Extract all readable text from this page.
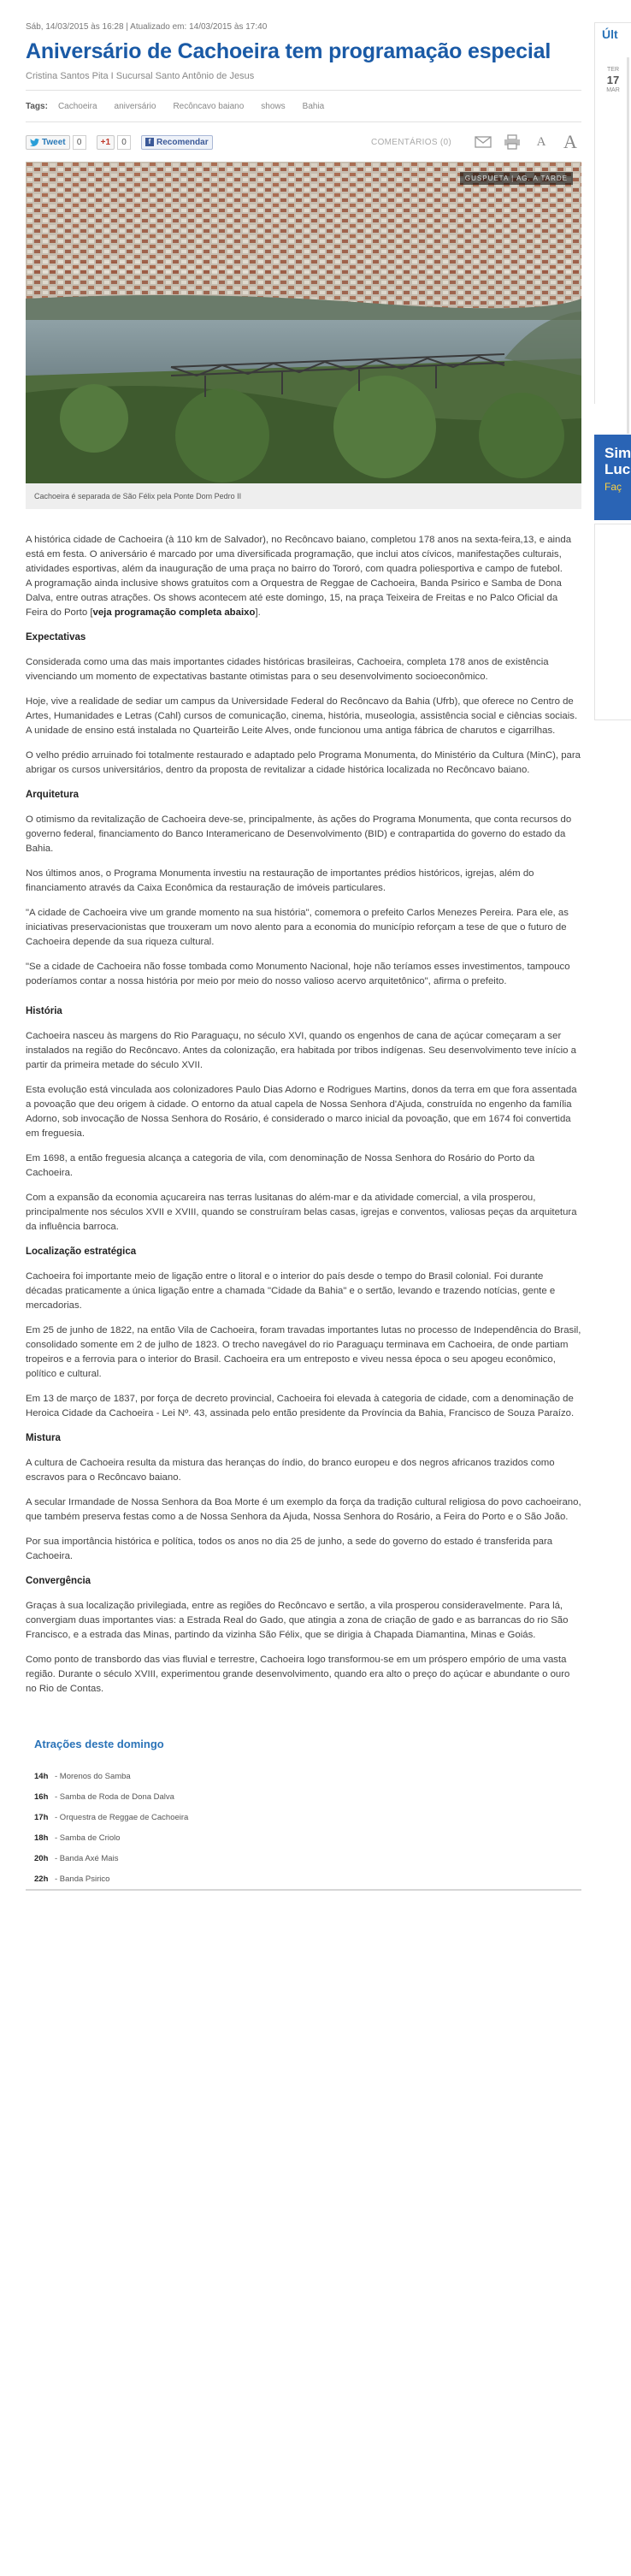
Sáb, 14/03/2015 às 16:28 | Atualizado em: 14/03/2015 às 17:40
Aniversário de Cachoeira tem programação especial
Cristina Santos Pita I Sucursal Santo Antônio de Jesus
Tags: Cachoeira aniversário Recôncavo baiano shows Bahia
Tweet	0	+1	0	f Recomendar	COMENTÁRIOS (0)	A A
GUSPUETA | AG. A TARDE
Cachoeira é separada de São Félix pela Ponte Dom Pedro II

A histórica cidade de Cachoeira (à 110 km de Salvador), no Recôncavo baiano, completou 178 anos na sexta-feira,13, e ainda está em festa. O aniversário é marcado por uma diversificada programação, que inclui atos cívicos, manifestações culturais, atividades esportivas, além da inauguração de uma praça no bairro do Tororó, com quadra poliesportiva e campo de futebol.

A programação ainda inclusive shows gratuitos com a Orquestra de Reggae de Cachoeira, Banda Psirico e Samba de Dona Dalva, entre outras atrações. Os shows acontecem até este domingo, 15, na praça Teixeira de Freitas e no Palco Oficial da Feira do Porto [veja programação completa abaixo].

Expectativas

Considerada como uma das mais importantes cidades históricas brasileiras, Cachoeira, completa 178 anos de existência vivenciando um momento de expectativas bastante otimistas para o seu desenvolvimento socioeconômico.

Hoje, vive a realidade de sediar um campus da Universidade Federal do Recôncavo da Bahia (Ufrb), que oferece no Centro de Artes, Humanidades e Letras (Cahl) cursos de comunicação, cinema, história, museologia, assistência social e ciências sociais. A unidade de ensino está instalada no Quarteirão Leite Alves, onde funcionou uma antiga fábrica de charutos e cigarrilhas.

O velho prédio arruinado foi totalmente restaurado e adaptado pelo Programa Monumenta, do Ministério da Cultura (MinC), para abrigar os cursos universitários, dentro da proposta de revitalizar a cidade histórica localizada no Recôncavo baiano.

Arquitetura

O otimismo da revitalização de Cachoeira deve-se, principalmente, às ações do Programa Monumenta, que conta recursos do governo federal, financiamento do Banco Interamericano de Desenvolvimento (BID) e contrapartida do governo do estado da Bahia.

Nos últimos anos, o Programa Monumenta investiu na restauração de importantes prédios históricos, igrejas, além do financiamento através da Caixa Econômica da restauração de imóveis particulares.

"A cidade de Cachoeira vive um grande momento na sua história", comemora o prefeito Carlos Menezes Pereira. Para ele, as iniciativas preservacionistas que trouxeram um novo alento para a economia do município reforçam a tese de que o futuro de Cachoeira depende da sua riqueza cultural.

"Se a cidade de Cachoeira não fosse tombada como Monumento Nacional, hoje não teríamos esses investimentos, tampouco poderíamos contar a nossa história por meio por meio do nosso valioso acervo arquitetônico", afirma o prefeito.

História

Cachoeira nasceu às margens do Rio Paraguaçu, no século XVI, quando os engenhos de cana de açúcar começaram a ser instalados na região do Recôncavo. Antes da colonização, era habitada por tribos indígenas. Seu desenvolvimento teve início a partir da primeira metade do século XVII.

Esta evolução está vinculada aos colonizadores Paulo Dias Adorno e Rodrigues Martins, donos da terra em que fora assentada a povoação que deu origem à cidade. O entorno da atual capela de Nossa Senhora d'Ajuda, construída no engenho da família Adorno, sob invocação de Nossa Senhora do Rosário, é considerado o marco inicial da povoação, que em 1674 foi convertida em freguesia.

Em 1698, a então freguesia alcança a categoria de vila, com denominação de Nossa Senhora do Rosário do Porto da Cachoeira.

Com a expansão da economia açucareira nas terras lusitanas do além-mar e da atividade comercial, a vila prosperou, principalmente nos séculos XVII e XVIII, quando se construíram belas casas, igrejas e conventos, valiosas peças da arquitetura da influência barroca.

Localização estratégica

Cachoeira foi importante meio de ligação entre o litoral e o interior do país desde o tempo do Brasil colonial. Foi durante décadas praticamente a única ligação entre a chamada "Cidade da Bahia" e o sertão, levando e trazendo notícias, gente e mercadorias.

Em 25 de junho de 1822, na então Vila de Cachoeira, foram travadas importantes lutas no processo de Independência do Brasil, consolidado somente em 2 de julho de 1823. O trecho navegável do rio Paraguaçu terminava em Cachoeira, de onde partiam tropeiros e a ferrovia para o interior do Brasil. Cachoeira era um entreposto e viveu nessa época o seu apogeu econômico, político e cultural.

Em 13 de março de 1837, por força de decreto provincial, Cachoeira foi elevada à categoria de cidade, com a denominação de Heroica Cidade da Cachoeira - Lei Nº. 43, assinada pelo então presidente da Província da Bahia, Francisco de Souza Paraízo.

Mistura

A cultura de Cachoeira resulta da mistura das heranças do índio, do branco europeu e dos negros africanos trazidos como escravos para o Recôncavo baiano.

A secular Irmandade de Nossa Senhora da Boa Morte é um exemplo da força da tradição cultural religiosa do povo cachoeirano, que também preserva festas como a de Nossa Senhora da Ajuda, Nossa Senhora do Rosário, a Feira do Porto e o São João.

Por sua importância histórica e política, todos os anos no dia 25 de junho, a sede do governo do estado é transferida para Cachoeira.

Convergência

Graças à sua localização privilegiada, entre as regiões do Recôncavo e sertão, a vila prosperou consideravelmente. Para lá, convergiam duas importantes vias: a Estrada Real do Gado, que atingia a zona de criação de gado e as barrancas do rio São Francisco, e a estrada das Minas, partindo da vizinha São Félix, que se dirigia à Chapada Diamantina, Minas e Goiás.

Como ponto de transbordo das vias fluvial e terrestre, Cachoeira logo transformou-se em um próspero empório de uma vasta região. Durante o século XVIII, experimentou grande desenvolvimento, quando era alto o preço do açúcar e abundante o ouro no Rio de Contas.

Atrações deste domingo
14h - Morenos do Samba
16h - Samba de Roda de Dona Dalva
17h - Orquestra de Reggae de Cachoeira
18h - Samba de Criolo
20h - Banda Axé Mais
22h - Banda Psirico
Últ
TER
17
MAR
Sim
Luc
Faç
